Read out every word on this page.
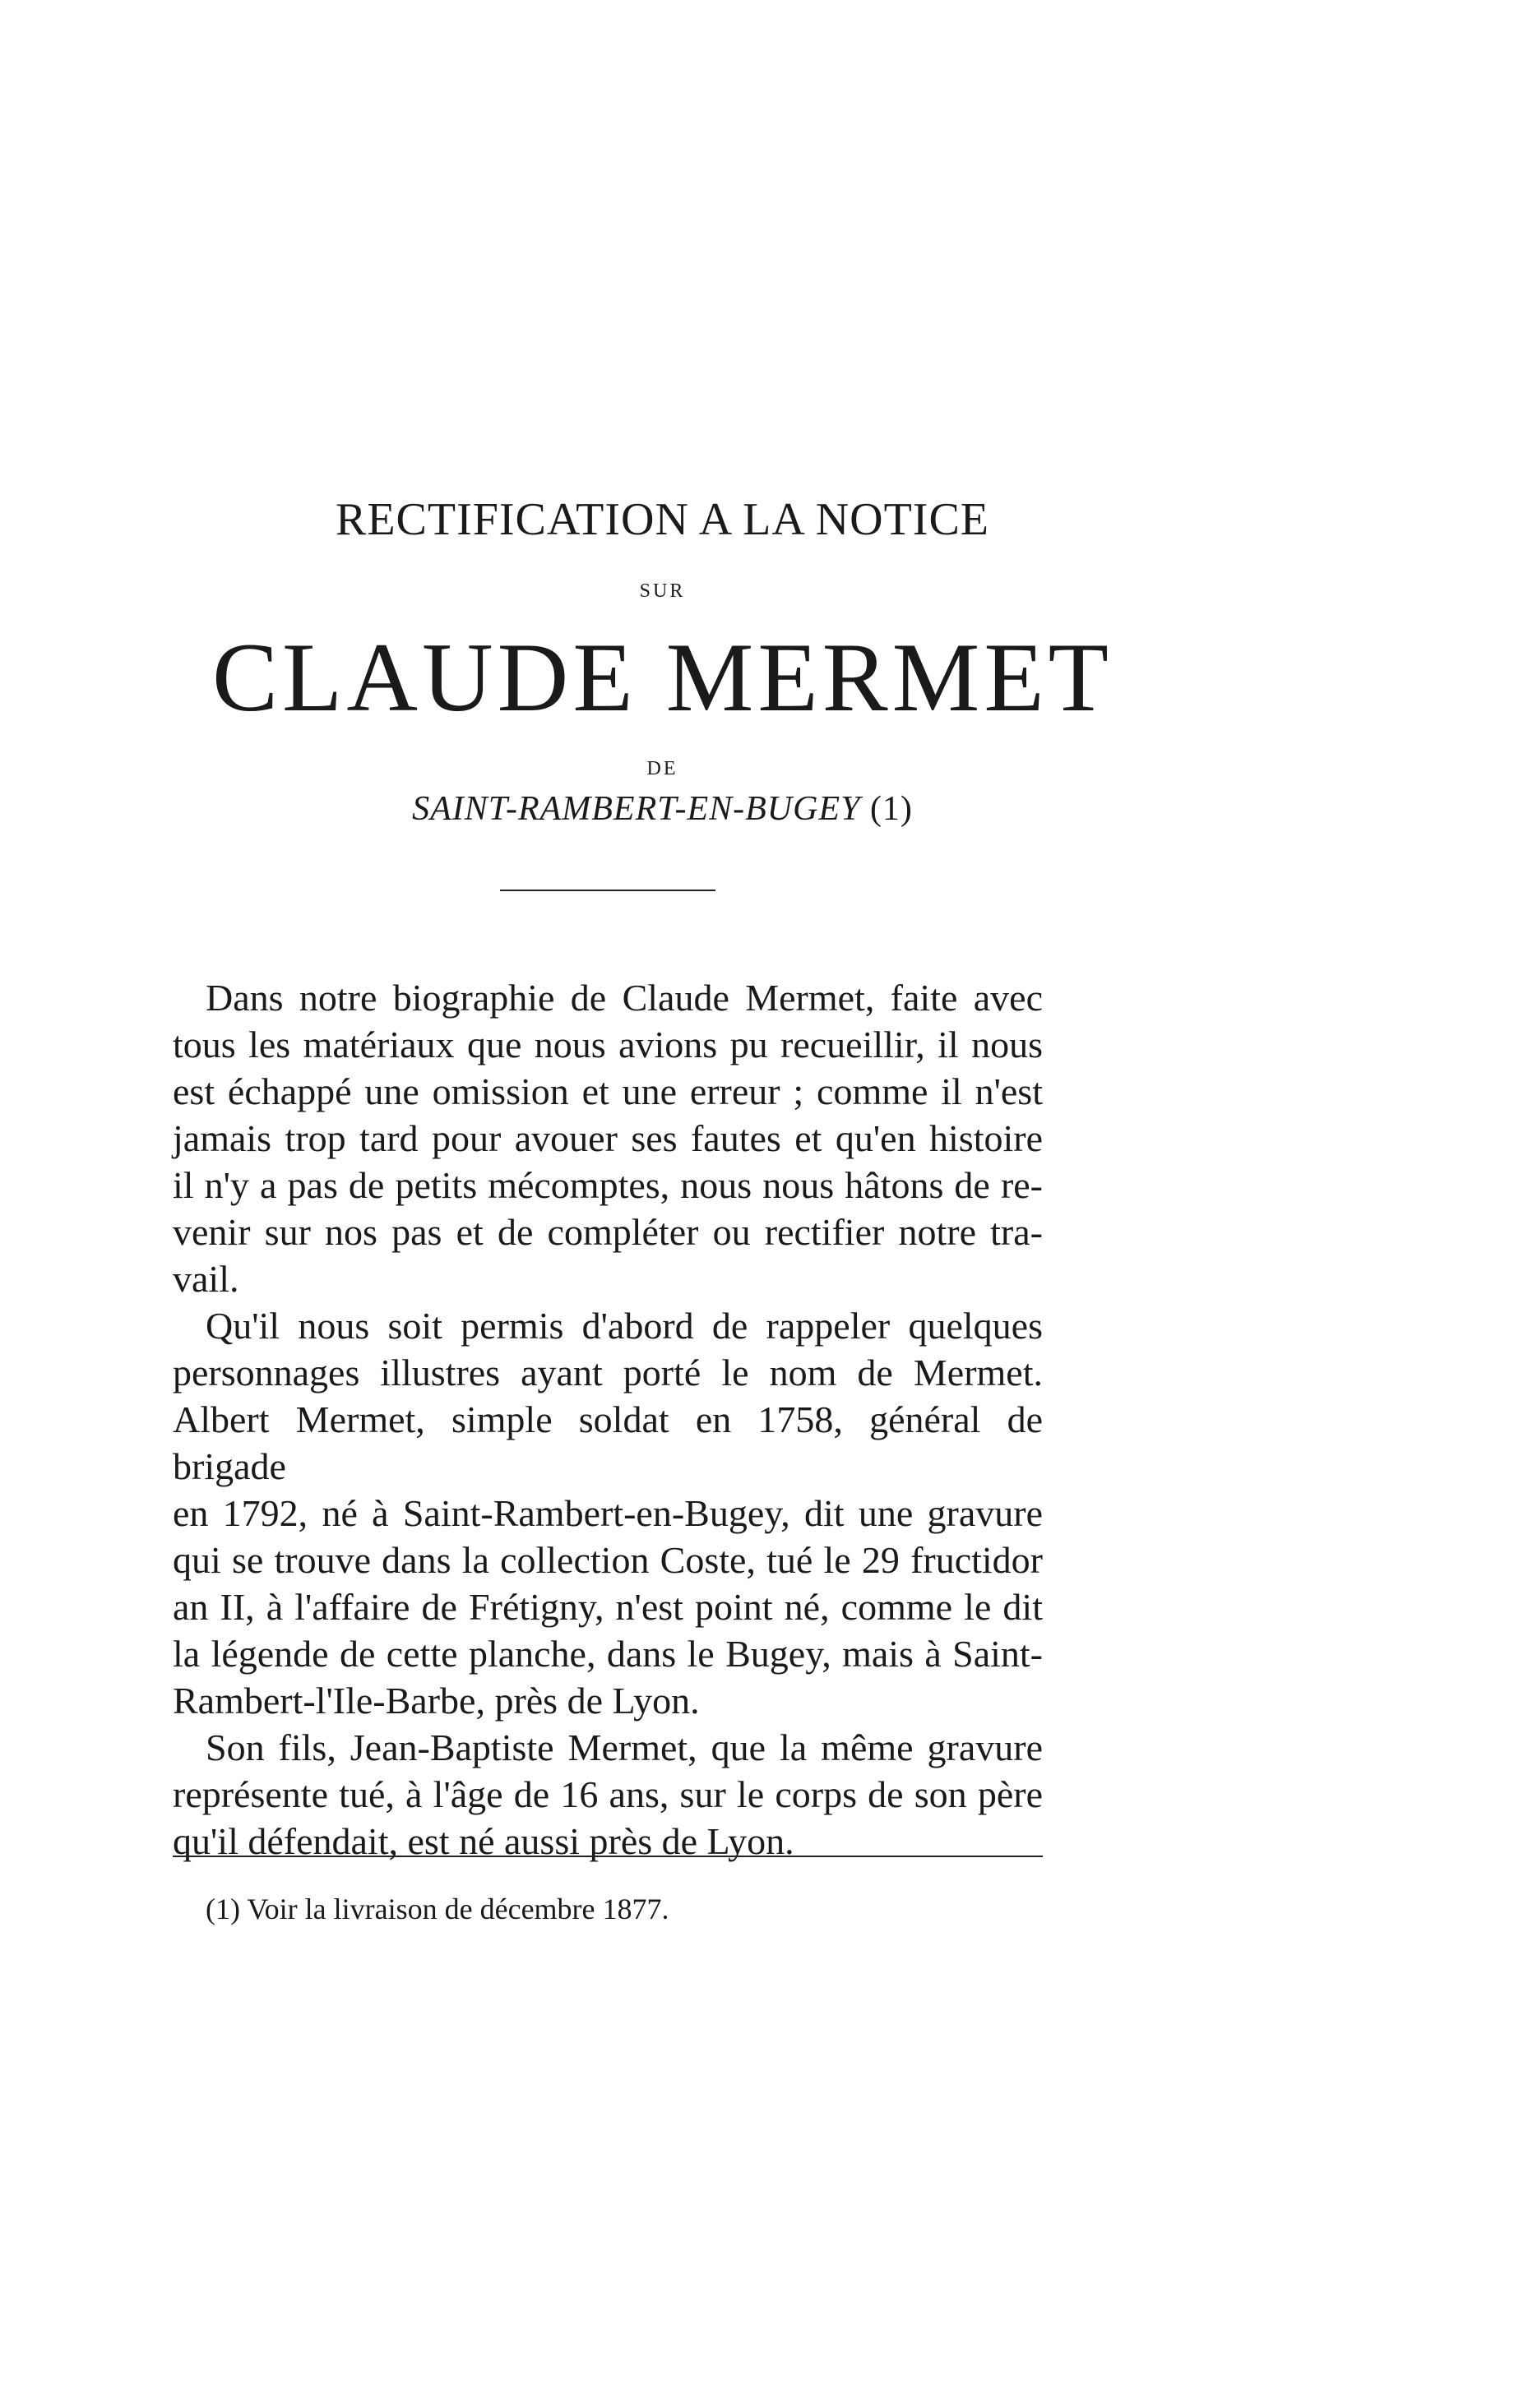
RECTIFICATION A LA NOTICE
SUR
CLAUDE MERMET
DE
SAINT-RAMBERT-EN-BUGEY (1)

Dans notre biographie de Claude Mermet, faite avec
tous les matériaux que nous avions pu recueillir, il nous
est échappé une omission et une erreur ; comme il n'est
jamais trop tard pour avouer ses fautes et qu'en histoire
il n'y a pas de petits mécomptes, nous nous hâtons de re-
venir sur nos pas et de compléter ou rectifier notre tra-
vail.

Qu'il nous soit permis d'abord de rappeler quelques
personnages illustres ayant porté le nom de Mermet.
Albert Mermet, simple soldat en 1758, général de brigade
en 1792, né à Saint-Rambert-en-Bugey, dit une gravure
qui se trouve dans la collection Coste, tué le 29 fructidor
an II, à l'affaire de Frétigny, n'est point né, comme le dit
la légende de cette planche, dans le Bugey, mais à Saint-
Rambert-l'Ile-Barbe, près de Lyon.

Son fils, Jean-Baptiste Mermet, que la même gravure
représente tué, à l'âge de 16 ans, sur le corps de son père
qu'il défendait, est né aussi près de Lyon.

(1) Voir la livraison de décembre 1877.
